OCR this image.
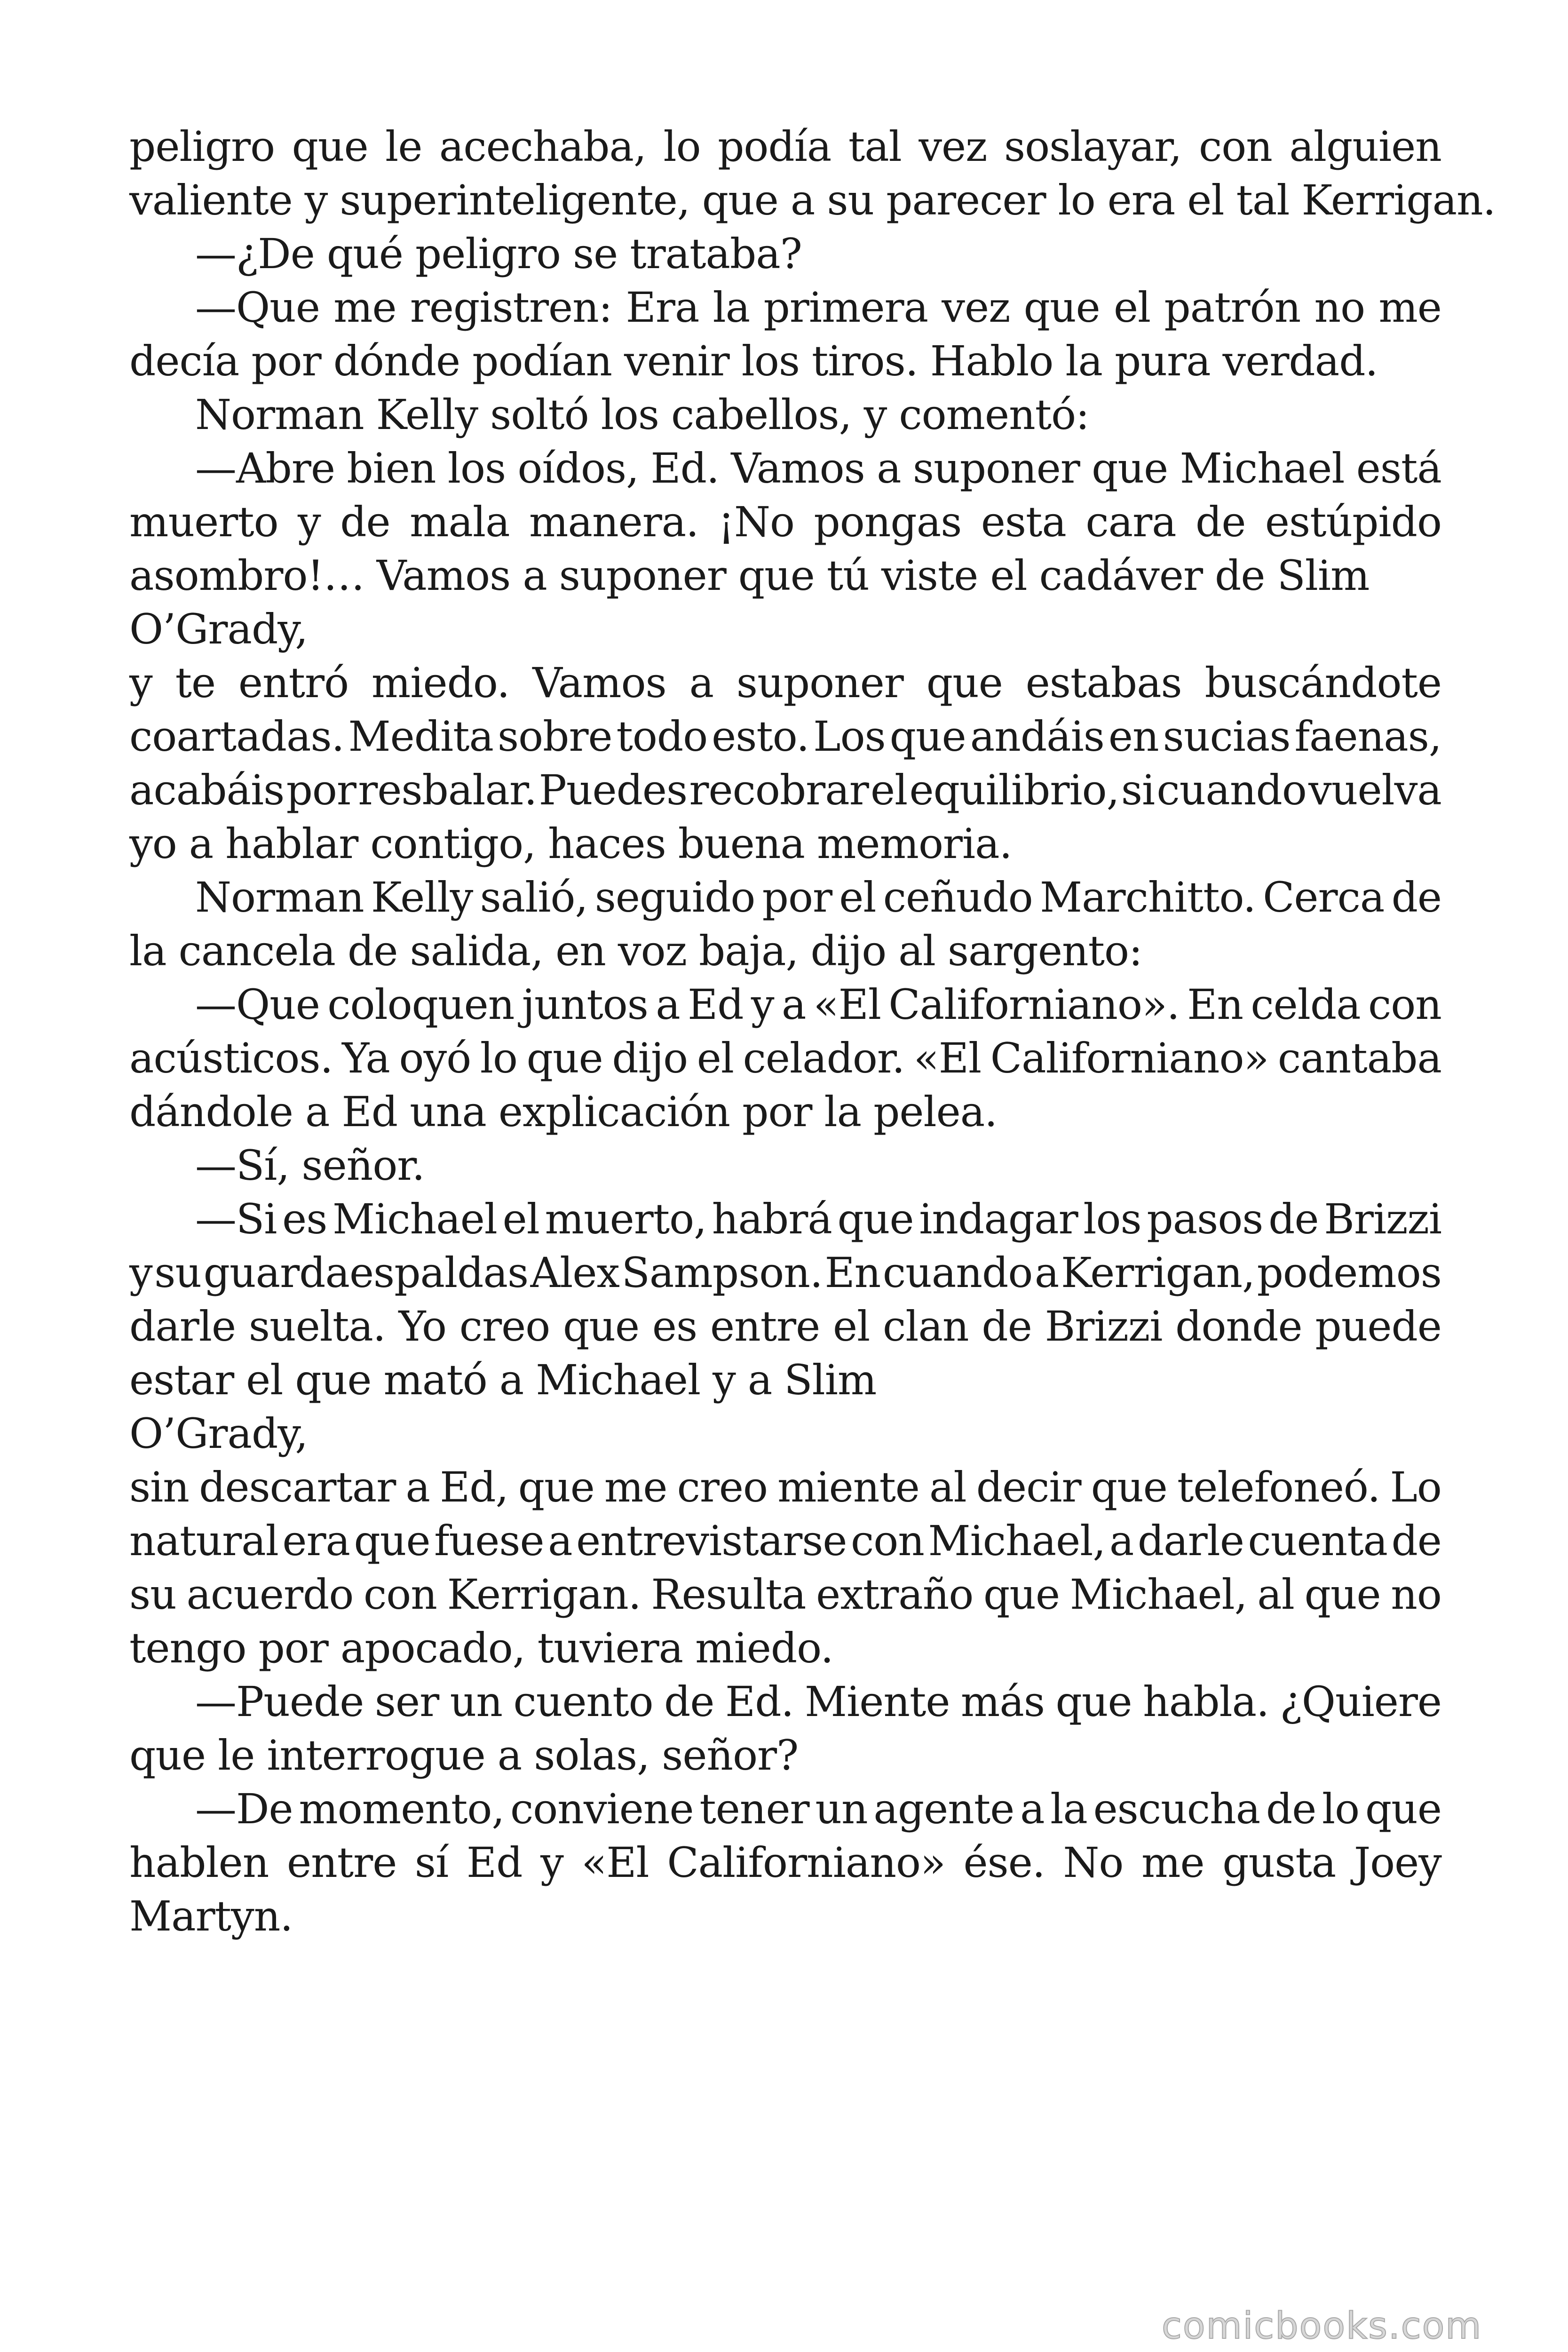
peligro que le acechaba, lo podía tal vez soslayar, con alguien
valiente y superinteligente, que a su parecer lo era el tal Kerrigan.
—¿De qué peligro se trataba?
—Que me registren: Era la primera vez que el patrón no me
decía por dónde podían venir los tiros. Hablo la pura verdad.
Norman Kelly soltó los cabellos, y comentó:
—Abre bien los oídos, Ed. Vamos a suponer que Michael está
muerto y de mala manera. ¡No pongas esta cara de estúpido
asombro!… Vamos a suponer que tú viste el cadáver de Slim
O’Grady,
y te entró miedo. Vamos a suponer que estabas buscándote
coartadas. Medita sobre todo esto. Los que andáis en sucias faenas,
acabáis por resbalar. Puedes recobrar el equilibrio, si cuando vuelva
yo a hablar contigo, haces buena memoria.
Norman Kelly salió, seguido por el ceñudo Marchitto. Cerca de
la cancela de salida, en voz baja, dijo al sargento:
—Que coloquen juntos a Ed y a «El Californiano». En celda con
acústicos. Ya oyó lo que dijo el celador. «El Californiano» cantaba
dándole a Ed una explicación por la pelea.
—Sí, señor.
—Si es Michael el muerto, habrá que indagar los pasos de Brizzi
y su guardaespaldas Alex Sampson. En cuando a Kerrigan, podemos
darle suelta. Yo creo que es entre el clan de Brizzi donde puede
estar el que mató a Michael y a Slim
O’Grady,
sin descartar a Ed, que me creo miente al decir que telefoneó. Lo
natural era que fuese a entrevistarse con Michael, a darle cuenta de
su acuerdo con Kerrigan. Resulta extraño que Michael, al que no
tengo por apocado, tuviera miedo.
—Puede ser un cuento de Ed. Miente más que habla. ¿Quiere
que le interrogue a solas, señor?
—De momento, conviene tener un agente a la escucha de lo que
hablen entre sí Ed y «El Californiano» ése. No me gusta Joey
Martyn.
comicbooks.com
